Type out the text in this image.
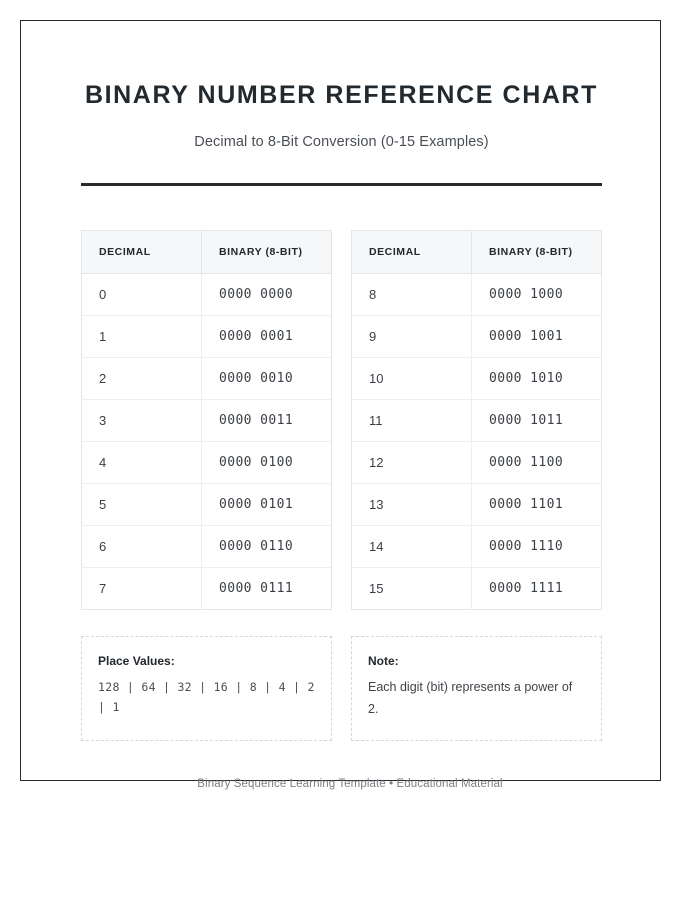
BINARY NUMBER REFERENCE CHART

Decimal to 8-Bit Conversion (0-15 Examples)

DECIMAL	BINARY (8-BIT)
0	0000 0000
1	0000 0001
2	0000 0010
3	0000 0011
4	0000 0100
5	0000 0101
6	0000 0110
7	0000 0111
DECIMAL	BINARY (8-BIT)
8	0000 1000
9	0000 1001
10	0000 1010
11	0000 1011
12	0000 1100
13	0000 1101
14	0000 1110
15	0000 1111
Place Values:
128 | 64 | 32 | 16 | 8 | 4 | 2 | 1
Note:
Each digit (bit) represents a power of 2.
Binary Sequence Learning Template • Educational Material
